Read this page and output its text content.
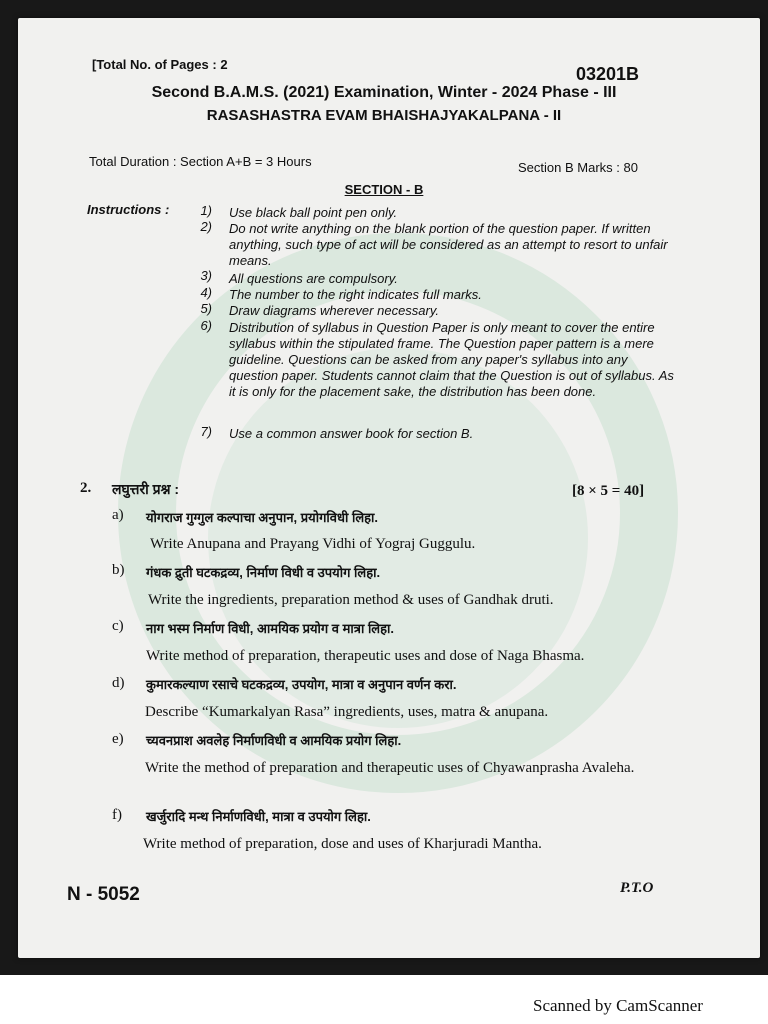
[Total No. of Pages : 2	03201B
Second B.A.M.S. (2021) Examination, Winter - 2024 Phase - III
RASASHASTRA EVAM BHAISHAJYAKALPANA - II
Total Duration : Section A+B = 3 Hours	Section B Marks : 80
SECTION - B
Instructions :	1) Use black ball point pen only.
2) Do not write anything on the blank portion of the question paper. If written anything, such type of act will be considered as an attempt to resort to unfair means.
3) All questions are compulsory.
4) The number to the right indicates full marks.
5) Draw diagrams wherever necessary.
6) Distribution of syllabus in Question Paper is only meant to cover the entire syllabus within the stipulated frame. The Question paper pattern is a mere guideline. Questions can be asked from any paper's syllabus into any question paper. Students cannot claim that the Question is out of syllabus. As it is only for the placement sake, the distribution has been done.
7) Use a common answer book for section B.
2. लघुत्तरी प्रश्न :	[8 × 5 = 40]
a)	योगराज गुग्गुल कल्पाचा अनुपान, प्रयोगविधी लिहा.
Write Anupana and Prayang Vidhi of Yograj Guggulu.
b)	गंधक द्रुती घटकद्रव्य, निर्माण विधी व उपयोग लिहा.
Write the ingredients, preparation method & uses of Gandhak druti.
c)	नाग भस्म निर्माण विधी, आमयिक प्रयोग व मात्रा लिहा.
Write method of preparation, therapeutic uses and dose of Naga Bhasma.
d)	कुमारकल्याण रसाचे घटकद्रव्य, उपयोग, मात्रा व अनुपान वर्णन करा.
Describe “Kumarkalyan Rasa” ingredients, uses, matra & anupana.
e)	च्यवनप्राश अवलेह निर्माणविधी व आमयिक प्रयोग लिहा.
Write the method of preparation and therapeutic uses of Chyawanprasha Avaleha.
f)	खर्जुरादि मन्थ निर्माणविधी, मात्रा व उपयोग लिहा.
Write method of preparation, dose and uses of Kharjuradi Mantha.
N - 5052	P.T.O
Scanned by CamScanner
